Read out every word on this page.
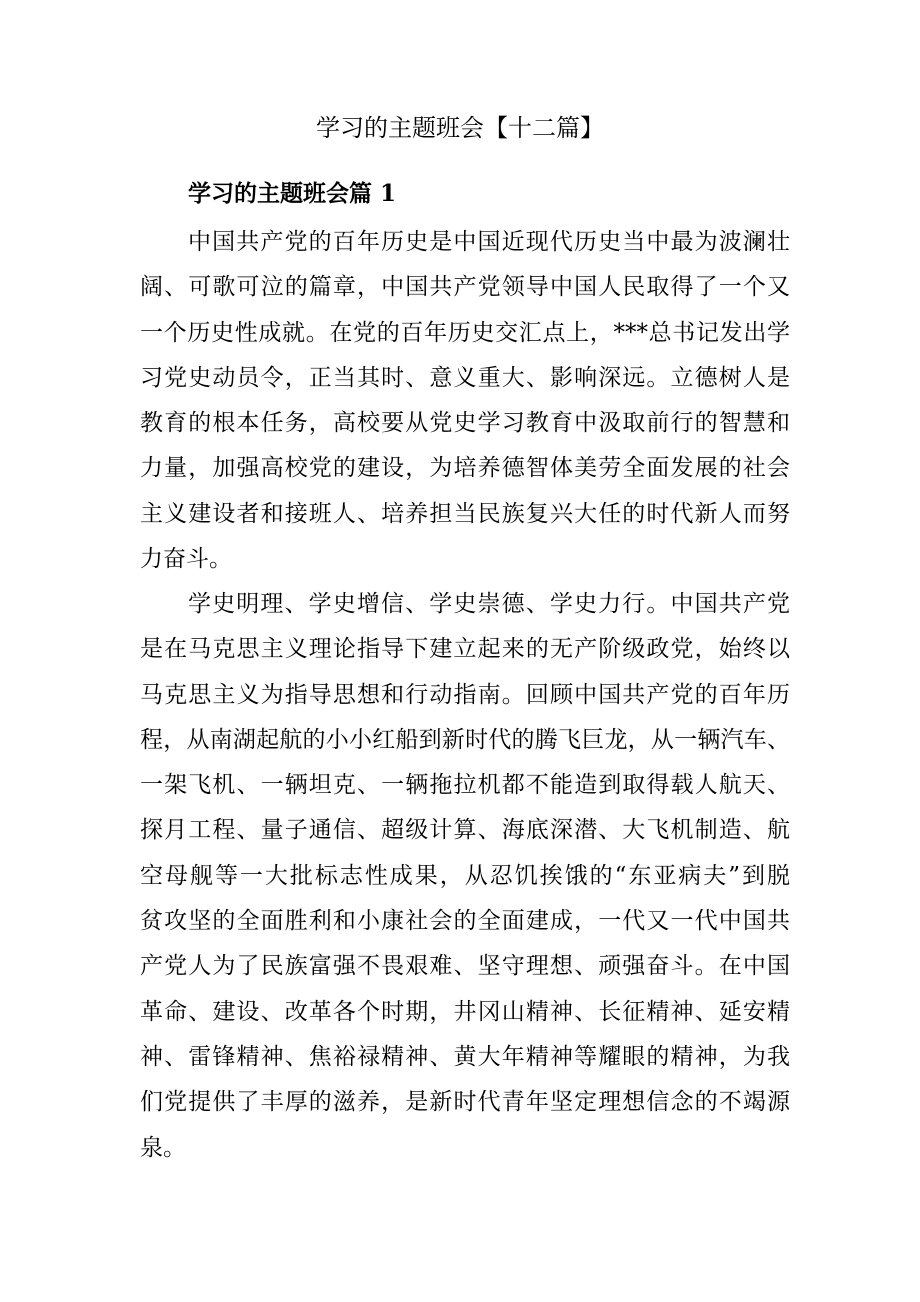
学习的主题班会【十二篇】
学习的主题班会篇 1
中国共产党的百年历史是中国近现代历史当中最为波澜壮
阔、可歌可泣的篇章，中国共产党领导中国人民取得了一个又
一个历史性成就。在党的百年历史交汇点上，***总书记发出学
习党史动员令，正当其时、意义重大、影响深远。立德树人是
教育的根本任务，高校要从党史学习教育中汲取前行的智慧和
力量，加强高校党的建设，为培养德智体美劳全面发展的社会
主义建设者和接班人、培养担当民族复兴大任的时代新人而努
力奋斗。
学史明理、学史增信、学史崇德、学史力行。中国共产党
是在马克思主义理论指导下建立起来的无产阶级政党，始终以
马克思主义为指导思想和行动指南。回顾中国共产党的百年历
程，从南湖起航的小小红船到新时代的腾飞巨龙，从一辆汽车、
一架飞机、一辆坦克、一辆拖拉机都不能造到取得载人航天、
探月工程、量子通信、超级计算、海底深潜、大飞机制造、航
空母舰等一大批标志性成果，从忍饥挨饿的“东亚病夫”到脱
贫攻坚的全面胜利和小康社会的全面建成，一代又一代中国共
产党人为了民族富强不畏艰难、坚守理想、顽强奋斗。在中国
革命、建设、改革各个时期，井冈山精神、长征精神、延安精
神、雷锋精神、焦裕禄精神、黄大年精神等耀眼的精神，为我
们党提供了丰厚的滋养，是新时代青年坚定理想信念的不竭源
泉。
